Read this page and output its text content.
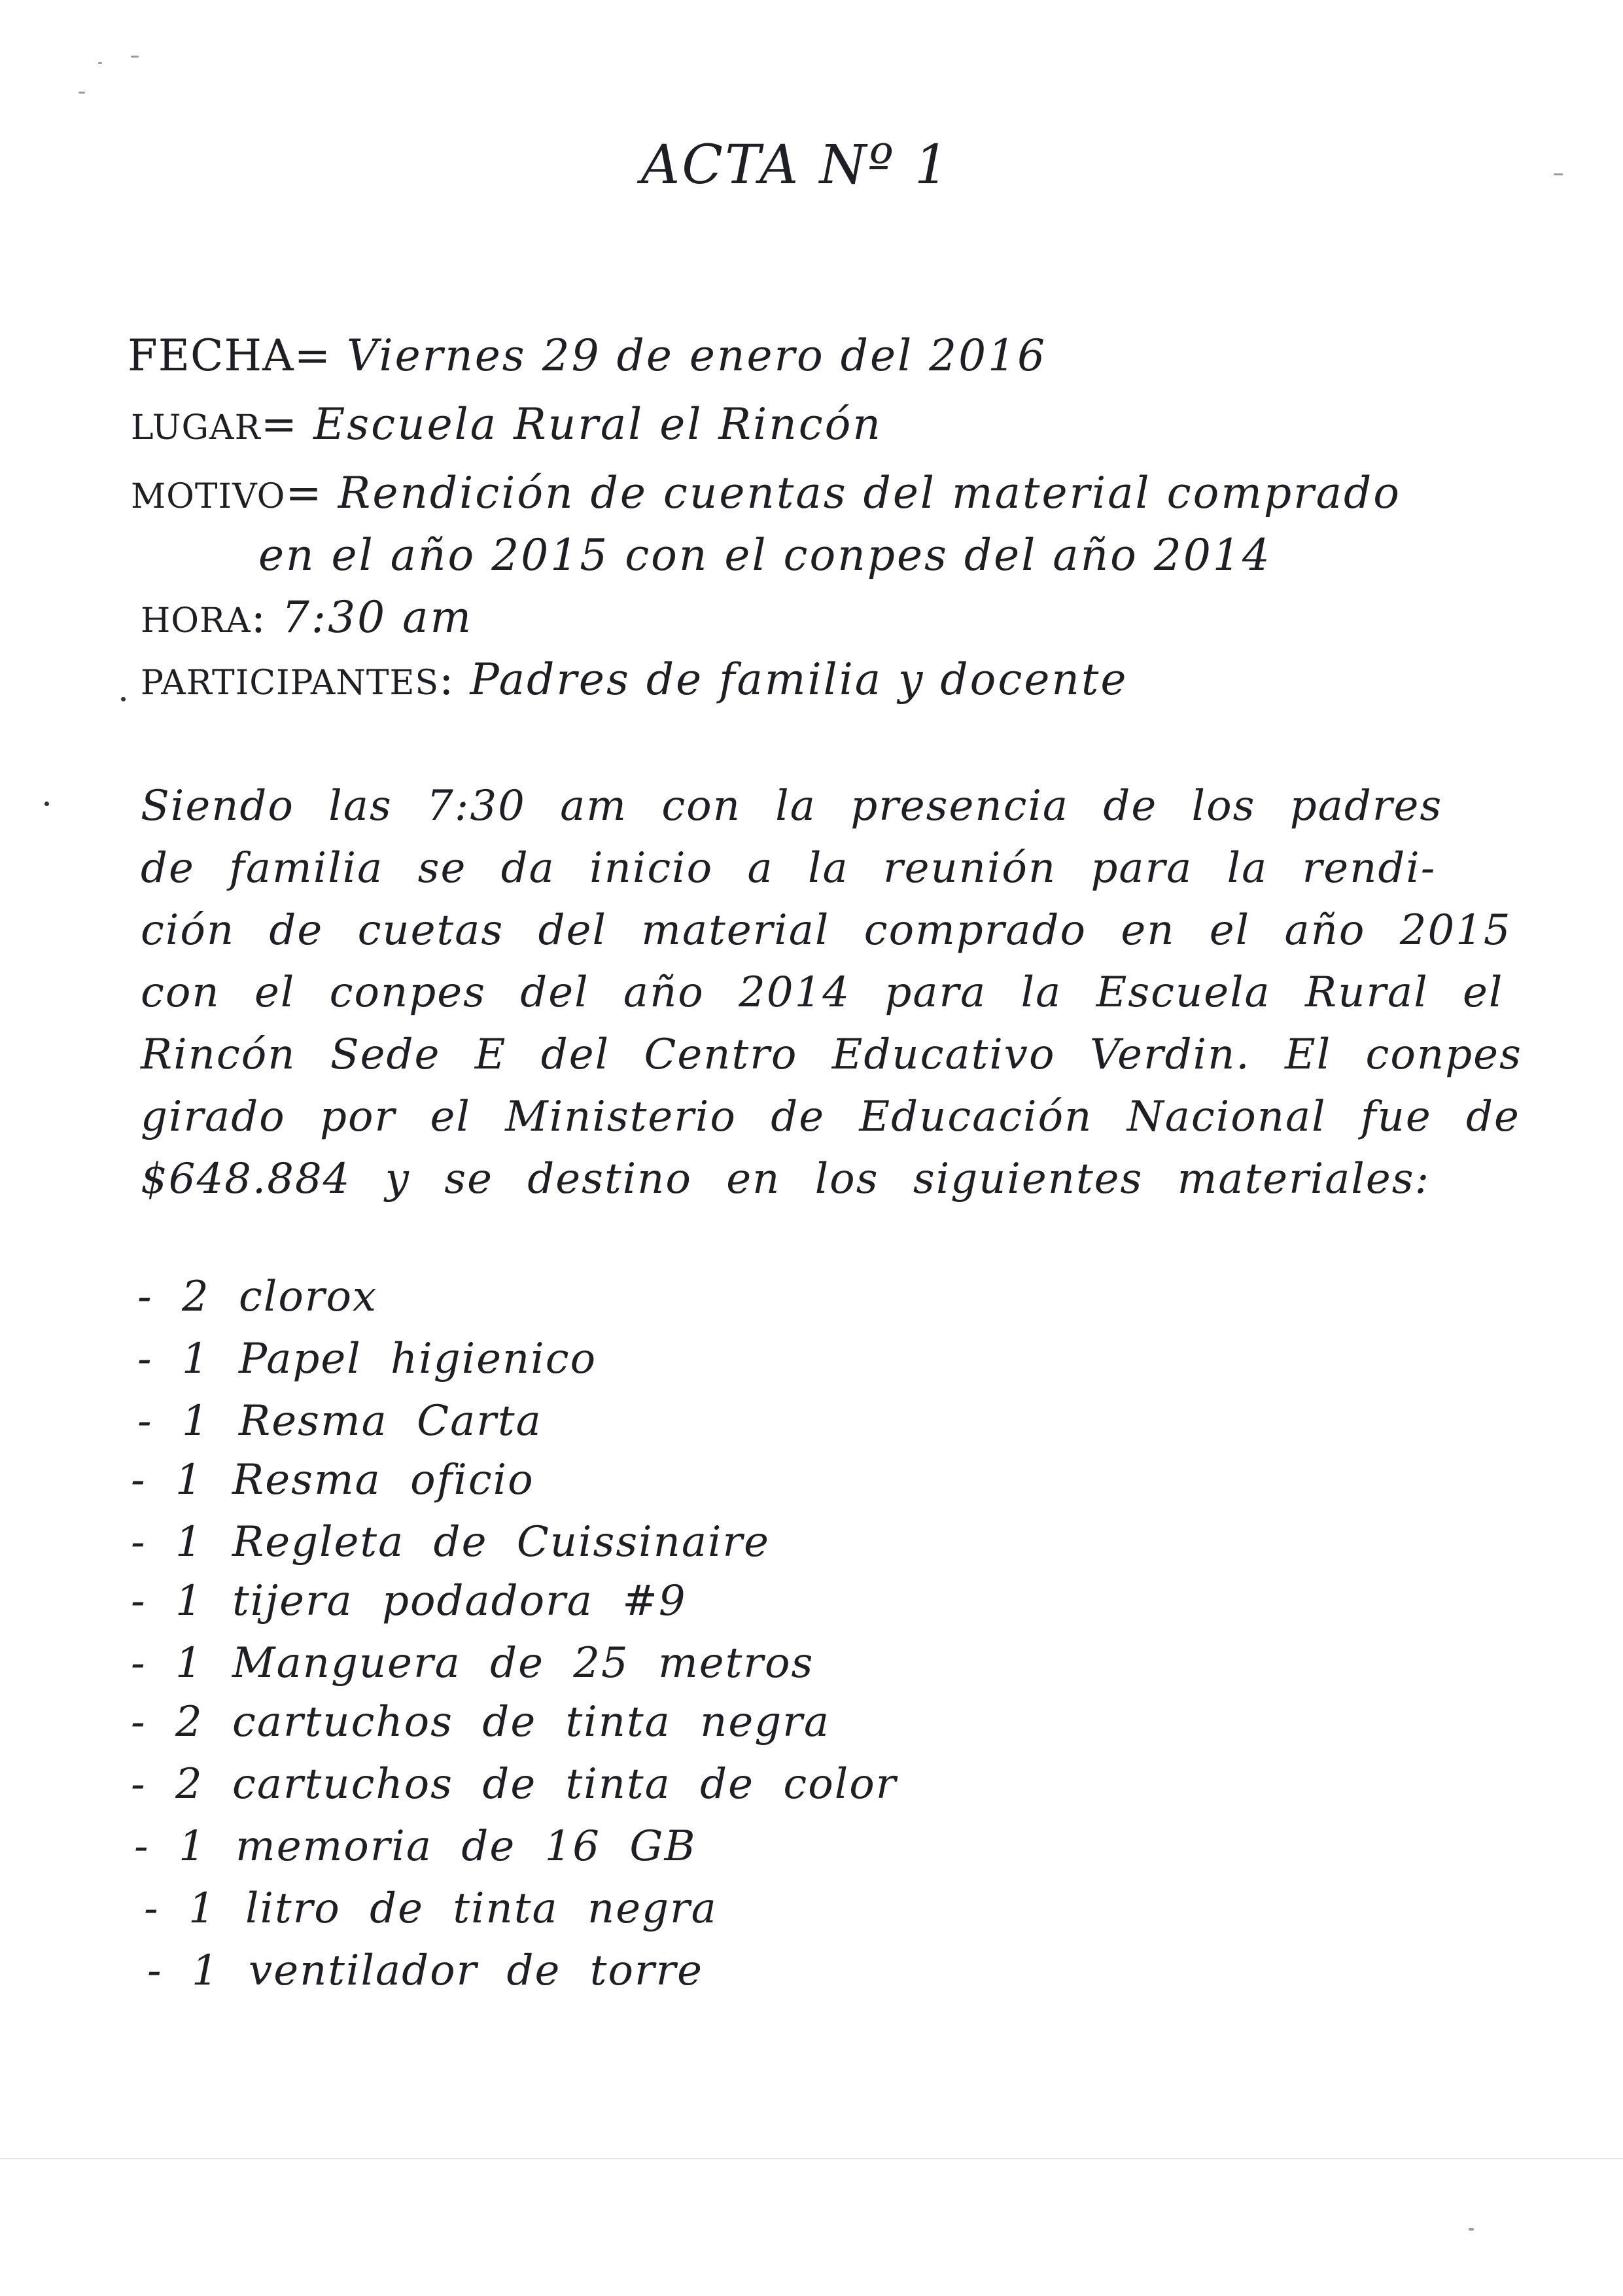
ACTA Nº 1
FECHA= Viernes 29 de enero del 2016
LUGAR= Escuela Rural el Rincón
MOTIVO= Rendición de cuentas del material comprado
en el año 2015 con el conpes del año 2014
HORA: 7:30 am
PARTICIPANTES: Padres de familia y docente
Siendo las 7:30 am con la presencia de los padres
de familia se da inicio a la reunión para la rendi-
ción de cuetas del material comprado en el año 2015
con el conpes del año 2014 para la Escuela Rural el
Rincón Sede E del Centro Educativo Verdin. El conpes
girado por el Ministerio de Educación Nacional fue de
$648.884 y se destino en los siguientes materiales:
- 2 clorox
- 1 Papel higienico
- 1 Resma Carta
- 1 Resma oficio
- 1 Regleta de Cuissinaire
- 1 tijera podadora #9
- 1 Manguera de 25 metros
- 2 cartuchos de tinta negra
- 2 cartuchos de tinta de color
- 1 memoria de 16 GB
- 1 litro de tinta negra
- 1 ventilador de torre
